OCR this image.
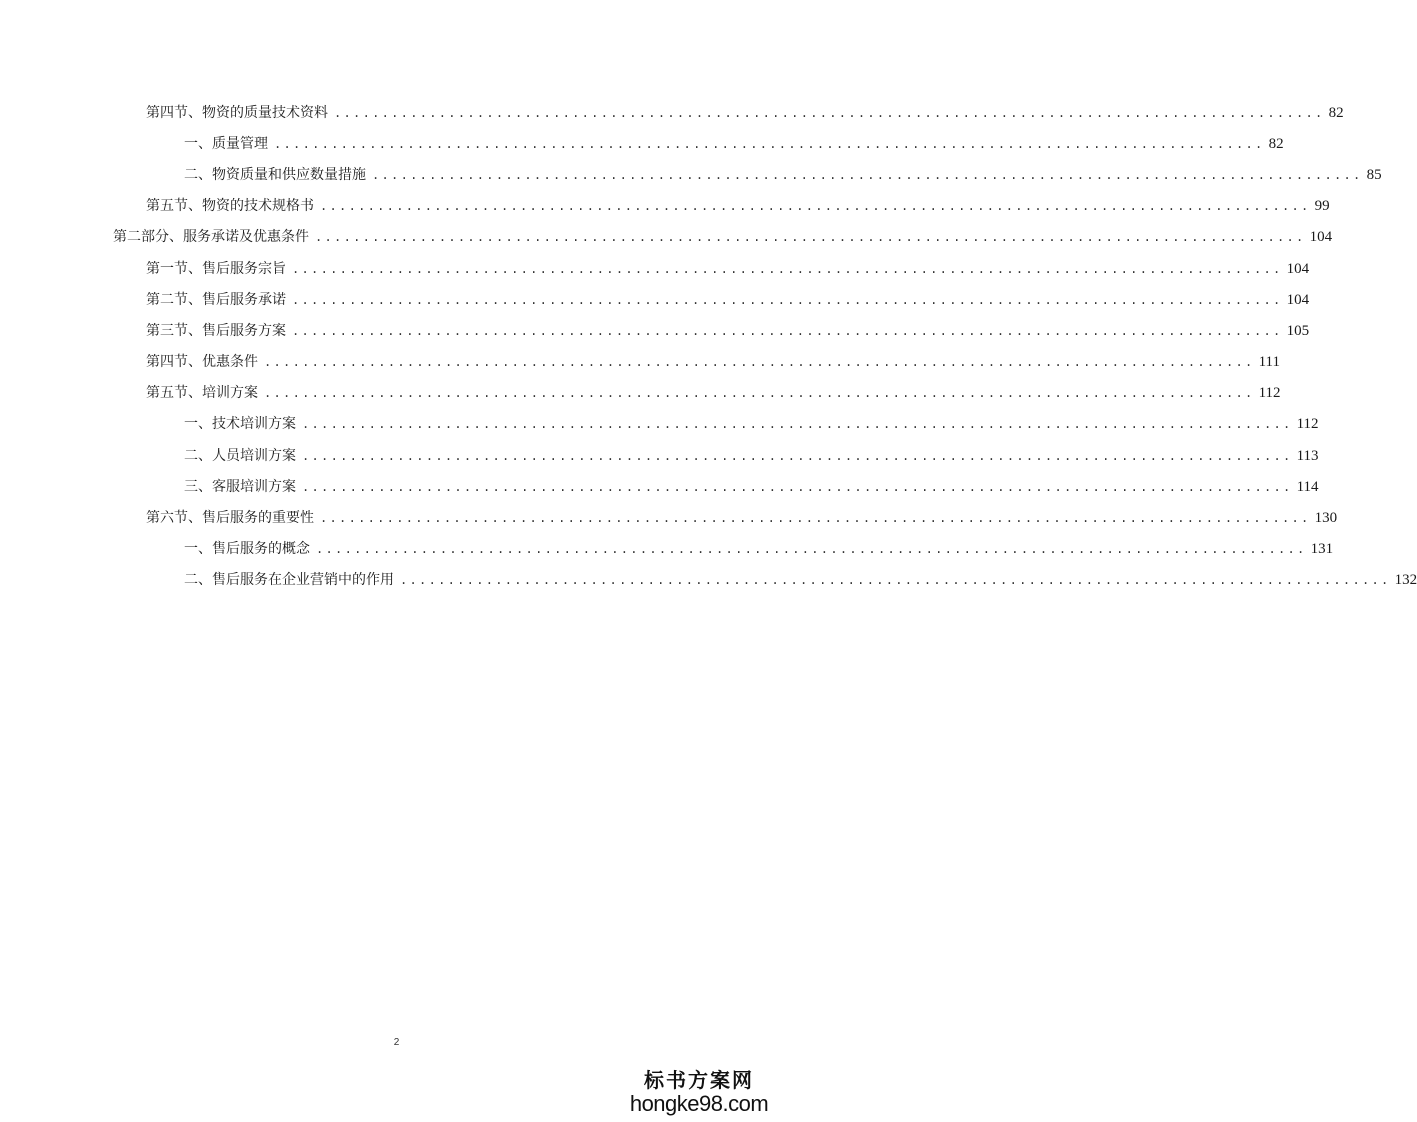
第四节、物资的质量技术资料 ........................................................................................................ 82
一、质量管理 ........................................................................................................ 82
二、物资质量和供应数量措施 ........................................................................................................ 85
第五节、物资的技术规格书 ........................................................................................................ 99
第二部分、服务承诺及优惠条件 ........................................................................................................ 104
第一节、售后服务宗旨 ........................................................................................................ 104
第二节、售后服务承诺 ........................................................................................................ 104
第三节、售后服务方案 ........................................................................................................ 105
第四节、优惠条件 ........................................................................................................ 111
第五节、培训方案 ........................................................................................................ 112
一、技术培训方案 ........................................................................................................ 112
二、人员培训方案 ........................................................................................................ 113
三、客服培训方案 ........................................................................................................ 114
第六节、售后服务的重要性 ........................................................................................................ 130
一、售后服务的概念 ........................................................................................................ 131
二、售后服务在企业营销中的作用 ........................................................................................................ 132
2
标书方案网
hongke98.com
